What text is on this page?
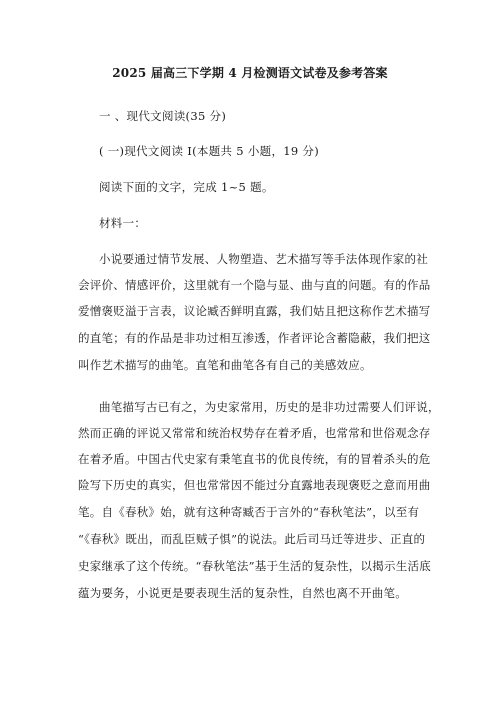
2025 届高三下学期 4 月检测语文试卷及参考答案
一 、现代文阅读(35 分)
( 一)现代文阅读 Ⅰ(本题共 5 小题，19 分)
阅读下面的文字，完成 1~5 题。
材料一：
小说要通过情节发展、人物塑造、艺术描写等手法体现作家的社
会评价、情感评价，这里就有一个隐与显、曲与直的问题。有的作品
爱憎褒贬溢于言表，议论臧否鲜明直露，我们姑且把这称作艺术描写
的直笔；有的作品是非功过相互渗透，作者评论含蓄隐蔽，我们把这
叫作艺术描写的曲笔。直笔和曲笔各有自己的美感效应。
曲笔描写古已有之，为史家常用，历史的是非功过需要人们评说，
然而正确的评说又常常和统治权势存在着矛盾，也常常和世俗观念存
在着矛盾。中国古代史家有秉笔直书的优良传统，有的冒着杀头的危
险写下历史的真实，但也常常因不能过分直露地表现褒贬之意而用曲
笔。自《春秋》始，就有这种寄臧否于言外的“春秋笔法”，以至有
“《春秋》既出，而乱臣贼子惧”的说法。此后司马迁等进步、正直的
史家继承了这个传统。“春秋笔法”基于生活的复杂性，以揭示生活底
蕴为要务，小说更是要表现生活的复杂性，自然也离不开曲笔。
